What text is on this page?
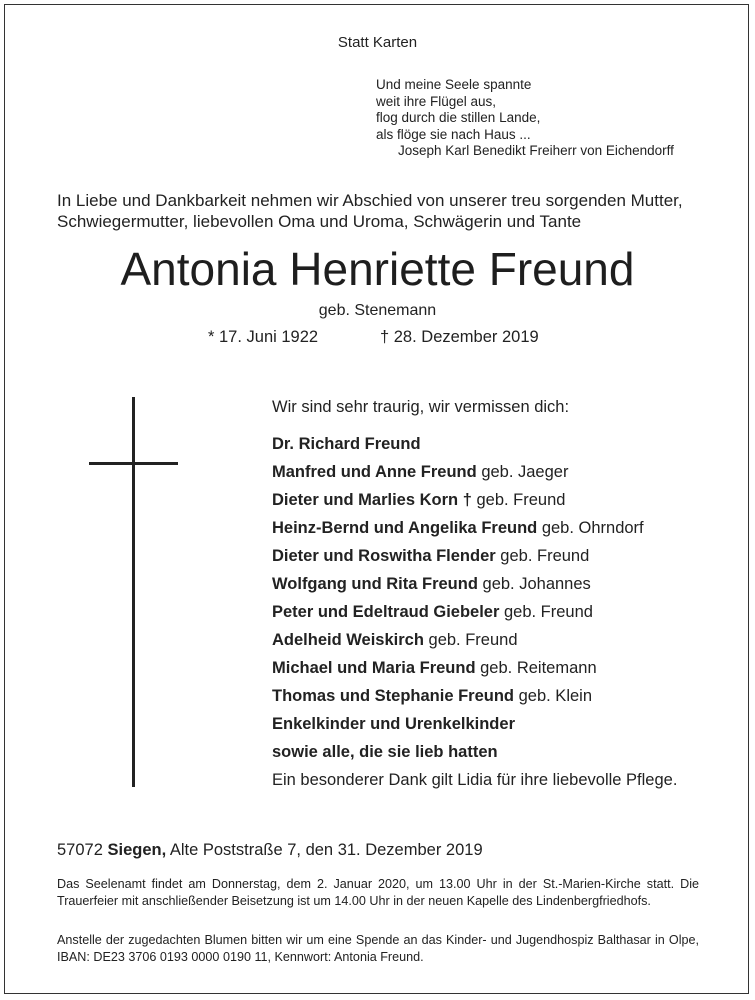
Statt Karten
Und meine Seele spannte
weit ihre Flügel aus,
flog durch die stillen Lande,
als flöge sie nach Haus ...
Joseph Karl Benedikt Freiherr von Eichendorff
In Liebe und Dankbarkeit nehmen wir Abschied von unserer treu sorgenden Mutter,
Schwiegermutter, liebevollen Oma und Uroma, Schwägerin und Tante
Antonia Henriette Freund
geb. Stenemann
* 17. Juni 1922	† 28. Dezember 2019
Wir sind sehr traurig, wir vermissen dich:
Dr. Richard Freund
Manfred und Anne Freund geb. Jaeger
Dieter und Marlies Korn † geb. Freund
Heinz-Bernd und Angelika Freund geb. Ohrndorf
Dieter und Roswitha Flender geb. Freund
Wolfgang und Rita Freund geb. Johannes
Peter und Edeltraud Giebeler geb. Freund
Adelheid Weiskirch geb. Freund
Michael und Maria Freund geb. Reitemann
Thomas und Stephanie Freund geb. Klein
Enkelkinder und Urenkelkinder
sowie alle, die sie lieb hatten
Ein besonderer Dank gilt Lidia für ihre liebevolle Pflege.
57072 Siegen, Alte Poststraße 7, den 31. Dezember 2019
Das Seelenamt findet am Donnerstag, dem 2. Januar 2020, um 13.00 Uhr in der St.-Marien-Kirche statt. Die Trauerfeier mit anschließender Beisetzung ist um 14.00 Uhr in der neuen Kapelle des Lindenbergfriedhofs.
Anstelle der zugedachten Blumen bitten wir um eine Spende an das Kinder- und Jugendhospiz Balthasar in Olpe, IBAN: DE23 3706 0193 0000 0190 11, Kennwort: Antonia Freund.
